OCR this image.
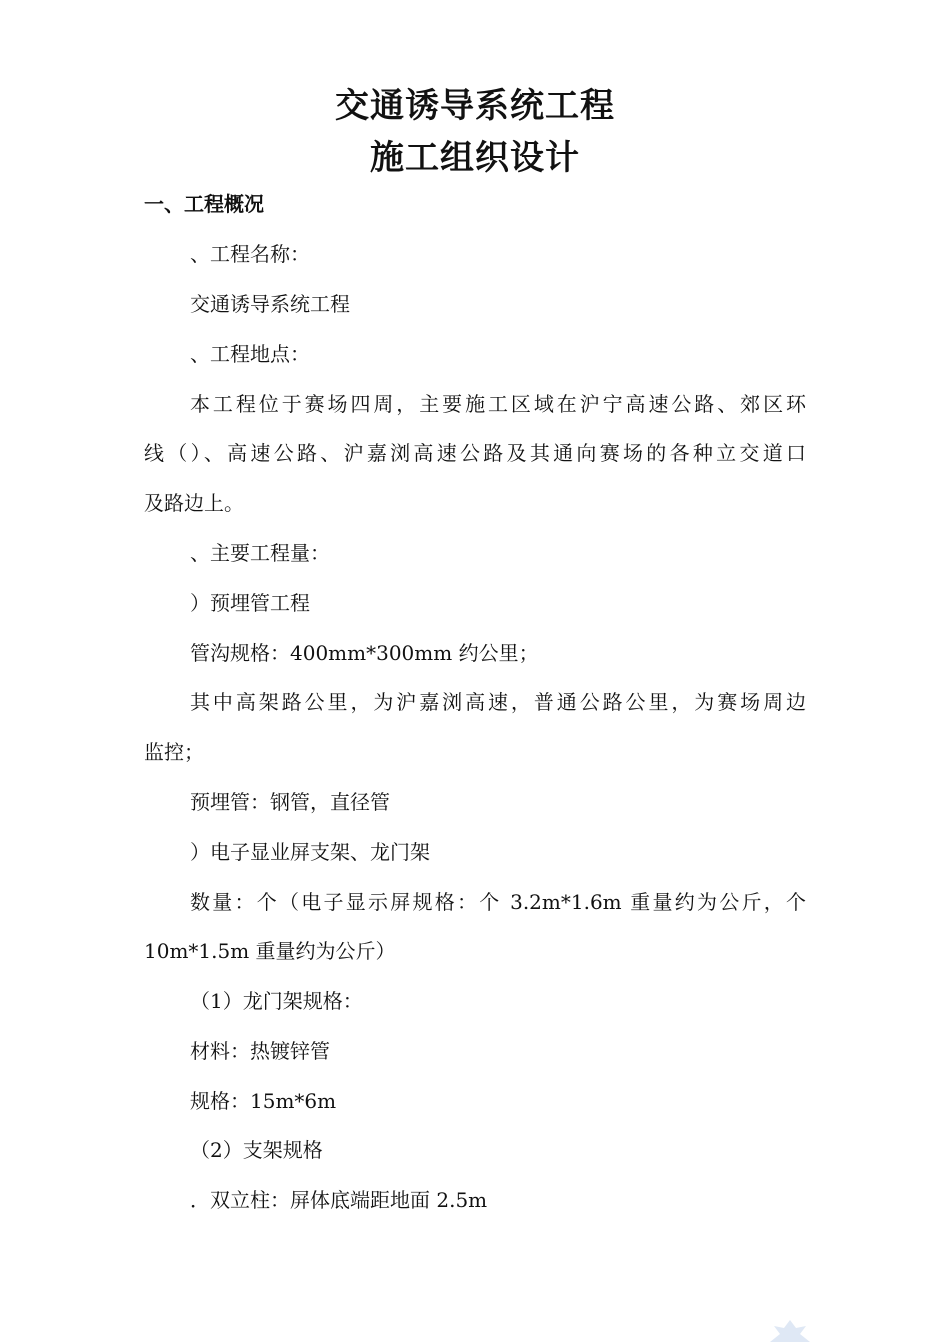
交通诱导系统工程
施工组织设计
一、工程概况
、工程名称：
交通诱导系统工程
、工程地点：
本工程位于赛场四周，主要施工区域在沪宁高速公路、郊区环
线（）、高速公路、沪嘉浏高速公路及其通向赛场的各种立交道口
及路边上。
、主要工程量：
）预埋管工程
管沟规格：400mm*300mm 约公里；
其中高架路公里，为沪嘉浏高速，普通公路公里，为赛场周边
监控；
预埋管：钢管，直径管
）电子显业屏支架、龙门架
数量：个（电子显示屏规格：个 3.2m*1.6m 重量约为公斤，个
10m*1.5m 重量约为公斤）
（1）龙门架规格：
材料：热镀锌管
规格：15m*6m
（2）支架规格
．双立柱：屏体底端距地面 2.5m
